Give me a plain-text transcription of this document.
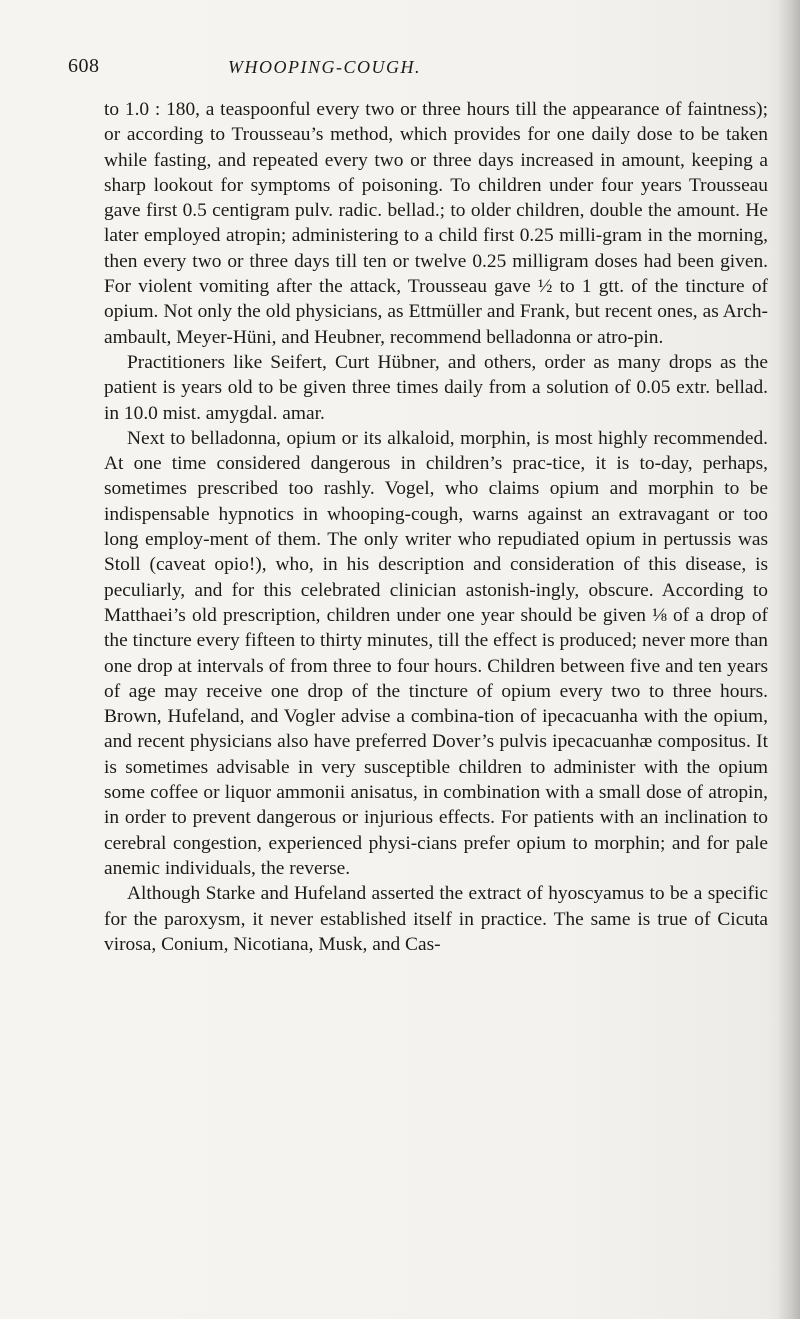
608	WHOOPING-COUGH.

to 1.0 : 180, a teaspoonful every two or three hours till the appearance of faintness); or according to Trousseau’s method, which provides for one daily dose to be taken while fasting, and repeated every two or three days increased in amount, keeping a sharp lookout for symptoms of poisoning. To children under four years Trousseau gave first 0.5 centigram pulv. radic. bellad.; to older children, double the amount. He later employed atropin; administering to a child first 0.25 milli-gram in the morning, then every two or three days till ten or twelve 0.25 milligram doses had been given. For violent vomiting after the attack, Trousseau gave ½ to 1 gtt. of the tincture of opium. Not only the old physicians, as Ettmüller and Frank, but recent ones, as Arch-ambault, Meyer-Hüni, and Heubner, recommend belladonna or atro-pin.

Practitioners like Seifert, Curt Hübner, and others, order as many drops as the patient is years old to be given three times daily from a solution of 0.05 extr. bellad. in 10.0 mist. amygdal. amar.

Next to belladonna, opium or its alkaloid, morphin, is most highly recommended. At one time considered dangerous in children’s prac-tice, it is to-day, perhaps, sometimes prescribed too rashly. Vogel, who claims opium and morphin to be indispensable hypnotics in whooping-cough, warns against an extravagant or too long employ-ment of them. The only writer who repudiated opium in pertussis was Stoll (caveat opio!), who, in his description and consideration of this disease, is peculiarly, and for this celebrated clinician astonish-ingly, obscure. According to Matthaei’s old prescription, children under one year should be given ⅛ of a drop of the tincture every fifteen to thirty minutes, till the effect is produced; never more than one drop at intervals of from three to four hours. Children between five and ten years of age may receive one drop of the tincture of opium every two to three hours. Brown, Hufeland, and Vogler advise a combina-tion of ipecacuanha with the opium, and recent physicians also have preferred Dover’s pulvis ipecacuanhæ compositus. It is sometimes advisable in very susceptible children to administer with the opium some coffee or liquor ammonii anisatus, in combination with a small dose of atropin, in order to prevent dangerous or injurious effects. For patients with an inclination to cerebral congestion, experienced physi-cians prefer opium to morphin; and for pale anemic individuals, the reverse.

Although Starke and Hufeland asserted the extract of hyoscyamus to be a specific for the paroxysm, it never established itself in practice. The same is true of Cicuta virosa, Conium, Nicotiana, Musk, and Cas-
